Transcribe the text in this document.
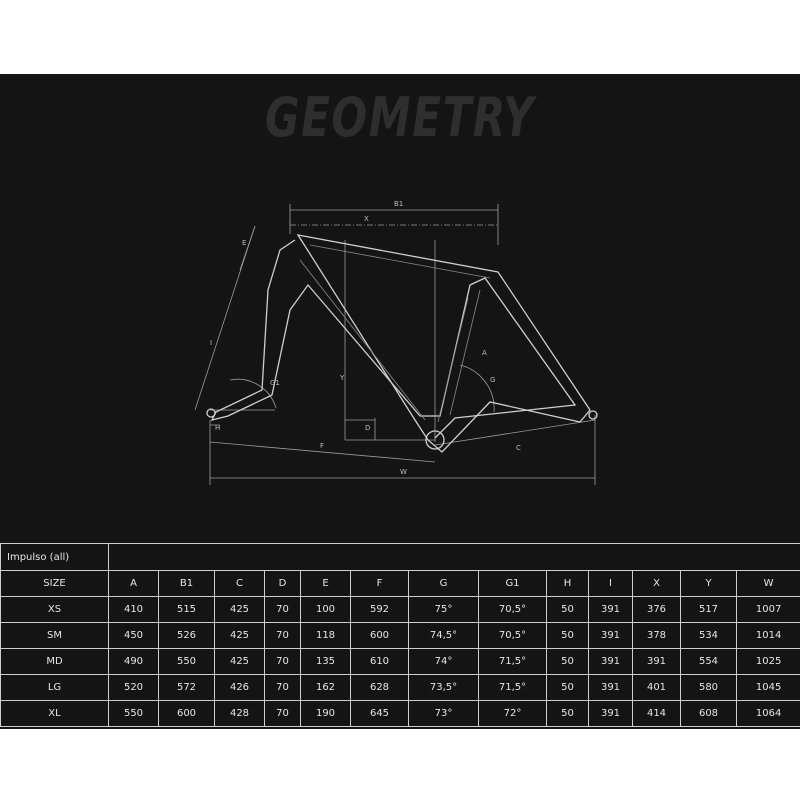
GEOMETRY
B1
X
E
I
G1
H
F
W
Y
D
A
G
C
Impulso (all)													
SIZE	A	B1	C	D	E	F	G	G1	H	I	X	Y	W
XS	410	515	425	70	100	592	75°	70,5°	50	391	376	517	1007
SM	450	526	425	70	118	600	74,5°	70,5°	50	391	378	534	1014
MD	490	550	425	70	135	610	74°	71,5°	50	391	391	554	1025
LG	520	572	426	70	162	628	73,5°	71,5°	50	391	401	580	1045
XL	550	600	428	70	190	645	73°	72°	50	391	414	608	1064
